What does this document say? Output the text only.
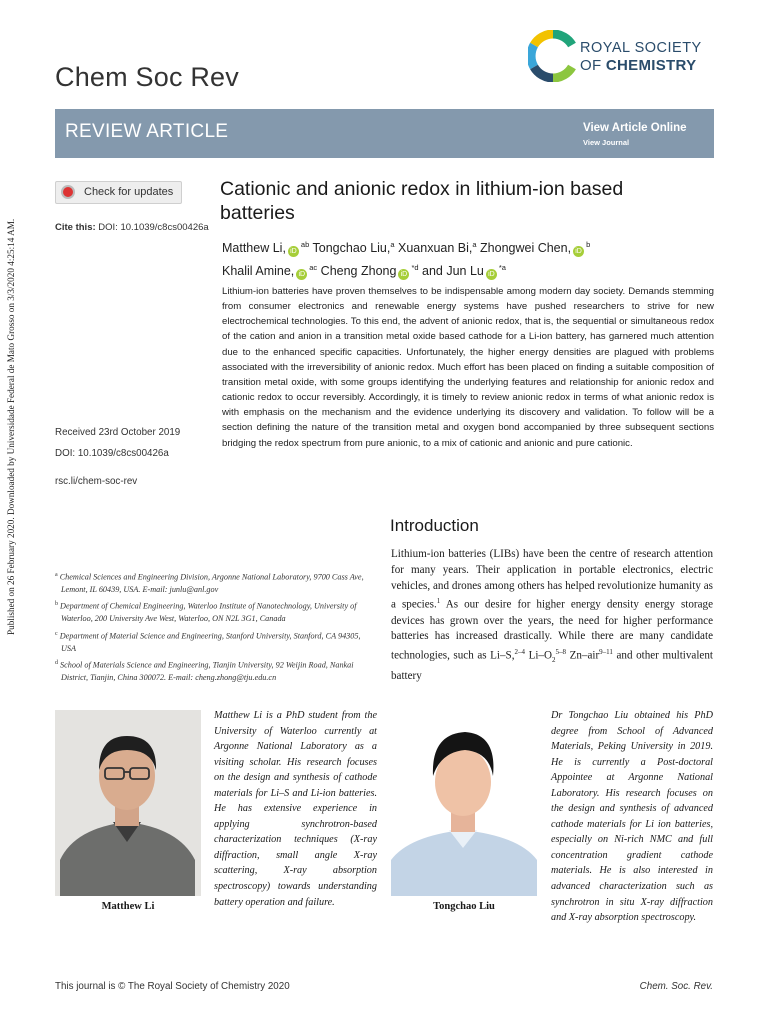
Published on 26 February 2020. Downloaded by Universidade Federal de Mato Grosso on 3/3/2020 4:25:14 AM.
Chem Soc Rev
ROYAL SOCIETY
OF CHEMISTRY
REVIEW ARTICLE	View Article Online
View Journal
Check for updates
Cite this: DOI: 10.1039/c8cs00426a
Cationic and anionic redox in lithium-ion based batteries
Matthew Li, $iD^{ab}$ Tongchao Liu,$^a$ Xuanxuan Bi,$^a$ Zhongwei Chen, $iD^b$
Khalil Amine, $iD^{ac}$ Cheng Zhong $iD^{*d}$ and Jun Lu $iD^{*a}$
Lithium-ion batteries have proven themselves to be indispensable among modern day society. Demands stemming from consumer electronics and renewable energy systems have pushed researchers to strive for new electrochemical technologies. To this end, the advent of anionic redox, that is, the sequential or simultaneous redox of the cation and anion in a transition metal oxide based cathode for a Li-ion battery, has garnered much attention due to the enhanced specific capacities. Unfortunately, the higher energy densities are plagued with problems associated with the irreversibility of anionic redox. Much effort has been placed on finding a suitable composition of transition metal oxide, with some groups identifying the underlying features and relationship for anionic redox and cationic redox to occur reversibly. Accordingly, it is timely to review anionic redox in terms of what anionic redox is with emphasis on the mechanism and the evidence underlying its discovery and validation. To follow will be a section defining the nature of the transition metal and oxygen bond accompanied by three subsequent sections bridging the redox spectrum from pure anionic, to a mix of cationic and anionic and pure cationic.
Received 23rd October 2019
DOI: 10.1039/c8cs00426a
rsc.li/chem-soc-rev
Introduction
Lithium-ion batteries (LIBs) have been the centre of research attention for many years. Their application in portable electronics, electric vehicles, and drones among others has helped revolutionize humanity as a species.$^1$ As our desire for higher energy density energy storage devices has grown over the years, the need for higher performance batteries has increased drastically. While there are many candidate technologies, such as Li–S,$^{2-4}$ $Li-O_2^{5-8}$ Zn–air$^{9-11}$ and other multivalent battery

$^a$ Chemical Sciences and Engineering Division, Argonne National Laboratory, 9700 Cass Ave, Lemont, IL 60439, USA. E-mail: junlu@anl.gov

$^b$ Department of Chemical Engineering, Waterloo Institute of Nanotechnology, University of Waterloo, 200 University Ave West, Waterloo, ON N2L 3G1, Canada

$^c$ Department of Material Science and Engineering, Stanford University, Stanford, CA 94305, USA

$^d$ School of Materials Science and Engineering, Tianjin University, 92 Weijin Road, Nankai District, Tianjin, China 300072. E-mail: cheng.zhong@tju.edu.cn

Matthew Li
Matthew Li is a PhD student from the University of Waterloo currently at Argonne National Laboratory as a visiting scholar. His research focuses on the design and synthesis of cathode materials for Li–S and Li-ion batteries. He has extensive experience in applying synchrotron-based characterization techniques (X-ray diffraction, small angle X-ray scattering, X-ray absorption spectroscopy) towards understanding battery operation and failure.	Tongchao Liu
Dr Tongchao Liu obtained his PhD degree from School of Advanced Materials, Peking University in 2019. He is currently a Post-doctoral Appointee at Argonne National Laboratory. His research focuses on the design and synthesis of advanced cathode materials for Li ion batteries, especially on Ni-rich NMC and full concentration gradient cathode materials. He is also interested in advanced characterization such as synchrotron in situ X-ray diffraction and X-ray absorption spectroscopy.
This journal is © The Royal Society of Chemistry 2020	Chem. Soc. Rev.
